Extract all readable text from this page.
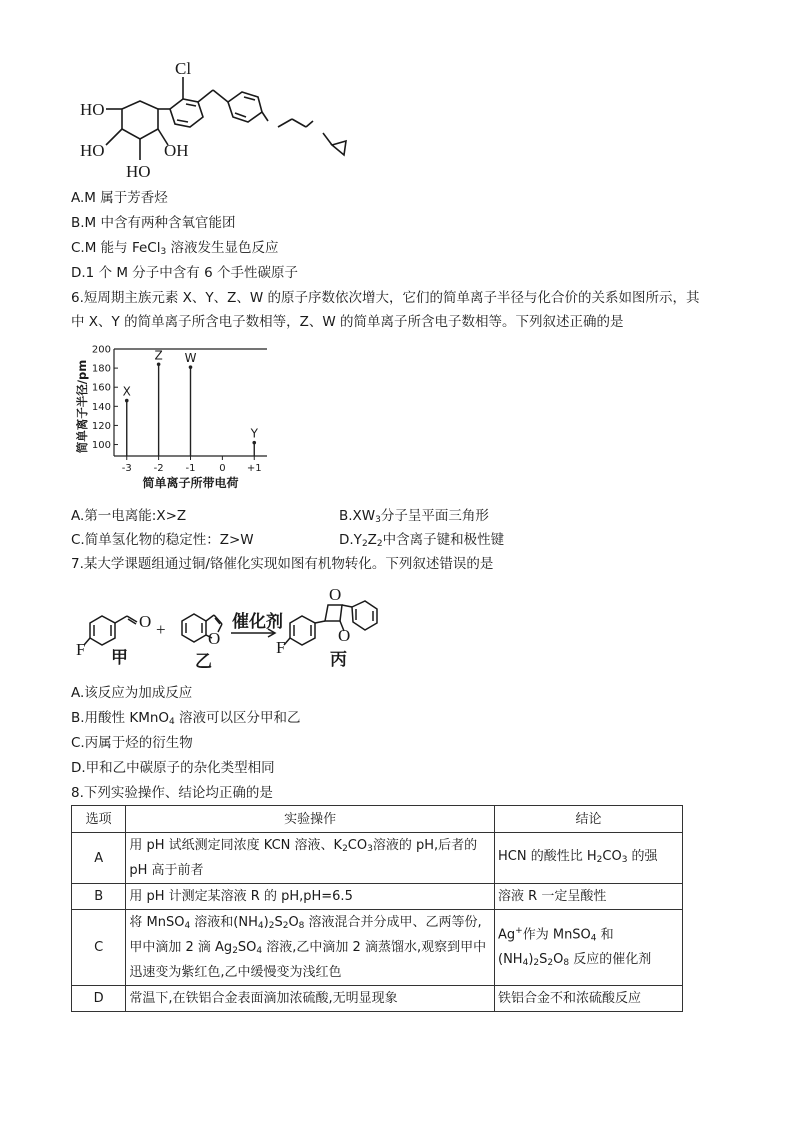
Cl
HO
HO	OH
HO
A.M 属于芳香烃
B.M 中含有两种含氧官能团
C.M 能与 FeCl$_3$ 溶液发生显色反应
D.1 个 M 分子中含有 6 个手性碳原子
6.短周期主族元素 X、Y、Z、W 的原子序数依次增大，它们的简单离子半径与化合价的关系如图所示，其
中 X、Y 的简单离子所含电子数相等，Z、W 的简单离子所含电子数相等。下列叙述正确的是
100
120
140
160
180
200
-3 -2 -1 0 +1
X
Z W
Y
简单离子所带电荷
简单离子半径/pm
A.第一电离能:X>Z	$B.XW_3$分子呈平面三角形
C.简单氢化物的稳定性：Z>W	$D.Y_2Z_2$中含离子键和极性键
7.某大学课题组通过铜/铬催化实现如图有机物转化。下列叙述错误的是
F
O
O	F
O
O
+	催化剂
甲	乙	丙
A.该反应为加成反应
B.用酸性 KMnO$_4$ 溶液可以区分甲和乙
C.丙属于烃的衍生物
D.甲和乙中碳原子的杂化类型相同
8.下列实验操作、结论均正确的是
选项	实验操作	结论
A	用 pH 试纸测定同浓度 KCN 溶液、$K_2CO_3$溶液的 pH,后者的 pH 高于前者	HCN 的酸性比 $H_2CO_3$ 的强
B	用 pH 计测定某溶液 R 的 pH,pH=6.5	溶液 R 一定呈酸性
C	将 MnSO$_4$ 溶液和$(NH_4)_2S_2O_8$ 溶液混合并分成甲、乙两等份,甲中滴加 2 滴 $Ag_2SO_4$ 溶液,乙中滴加 2 滴蒸馏水,观察到甲中迅速变为紫红色,乙中缓慢变为浅红色	Ag+作为 MnSO$_4$ 和$(NH_4)_2S_2O_8$ 反应的催化剂
D	常温下,在铁铝合金表面滴加浓硫酸,无明显现象	铁铝合金不和浓硫酸反应
